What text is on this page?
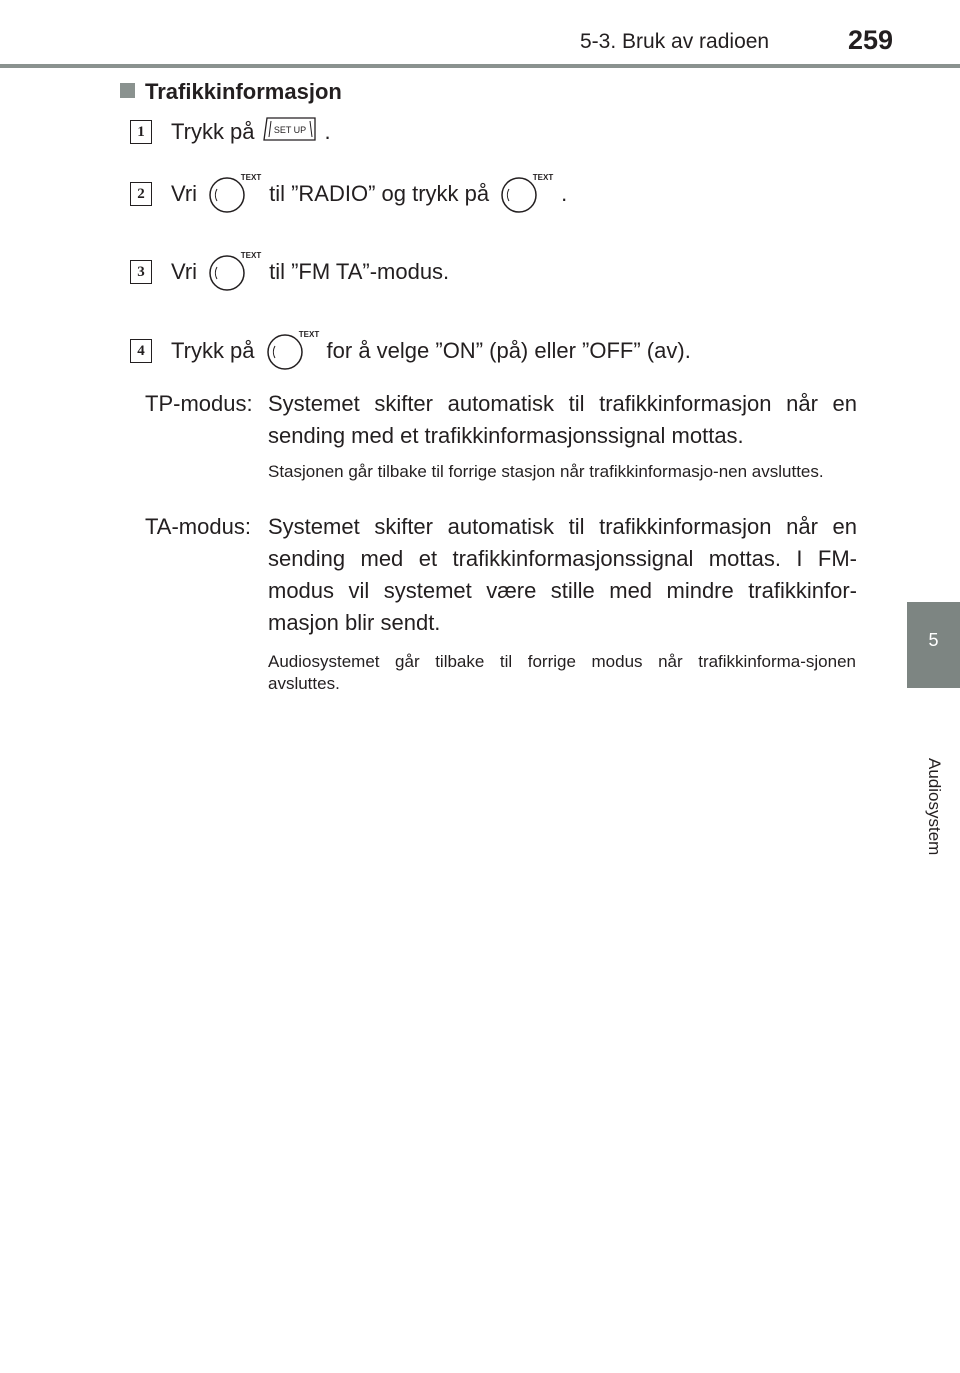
5-3. Bruk av radioen	259
5
Audiosystem
Trafikkinformasjon
1	Trykk på SET UP .
2	Vri
TEXT
til ”RADIO” og trykk på
TEXT
.
3	Vri
TEXT
til ”FM TA”-modus.
4	Trykk på
TEXT
for å velge ”ON” (på) eller ”OFF” (av).
TP-modus: Systemet skifter automatisk til trafikkinformasjon når en sending med et trafikkinformasjonssignal mottas.
Stasjonen går tilbake til forrige stasjon når trafikkinformasjo-nen avsluttes.
TA-modus: Systemet skifter automatisk til trafikkinformasjon når en sending med et trafikkinformasjonssignal mottas. I FM-modus vil systemet være stille med mindre trafikkinfor-masjon blir sendt.
Audiosystemet går tilbake til forrige modus når trafikkinforma-sjonen avsluttes.
